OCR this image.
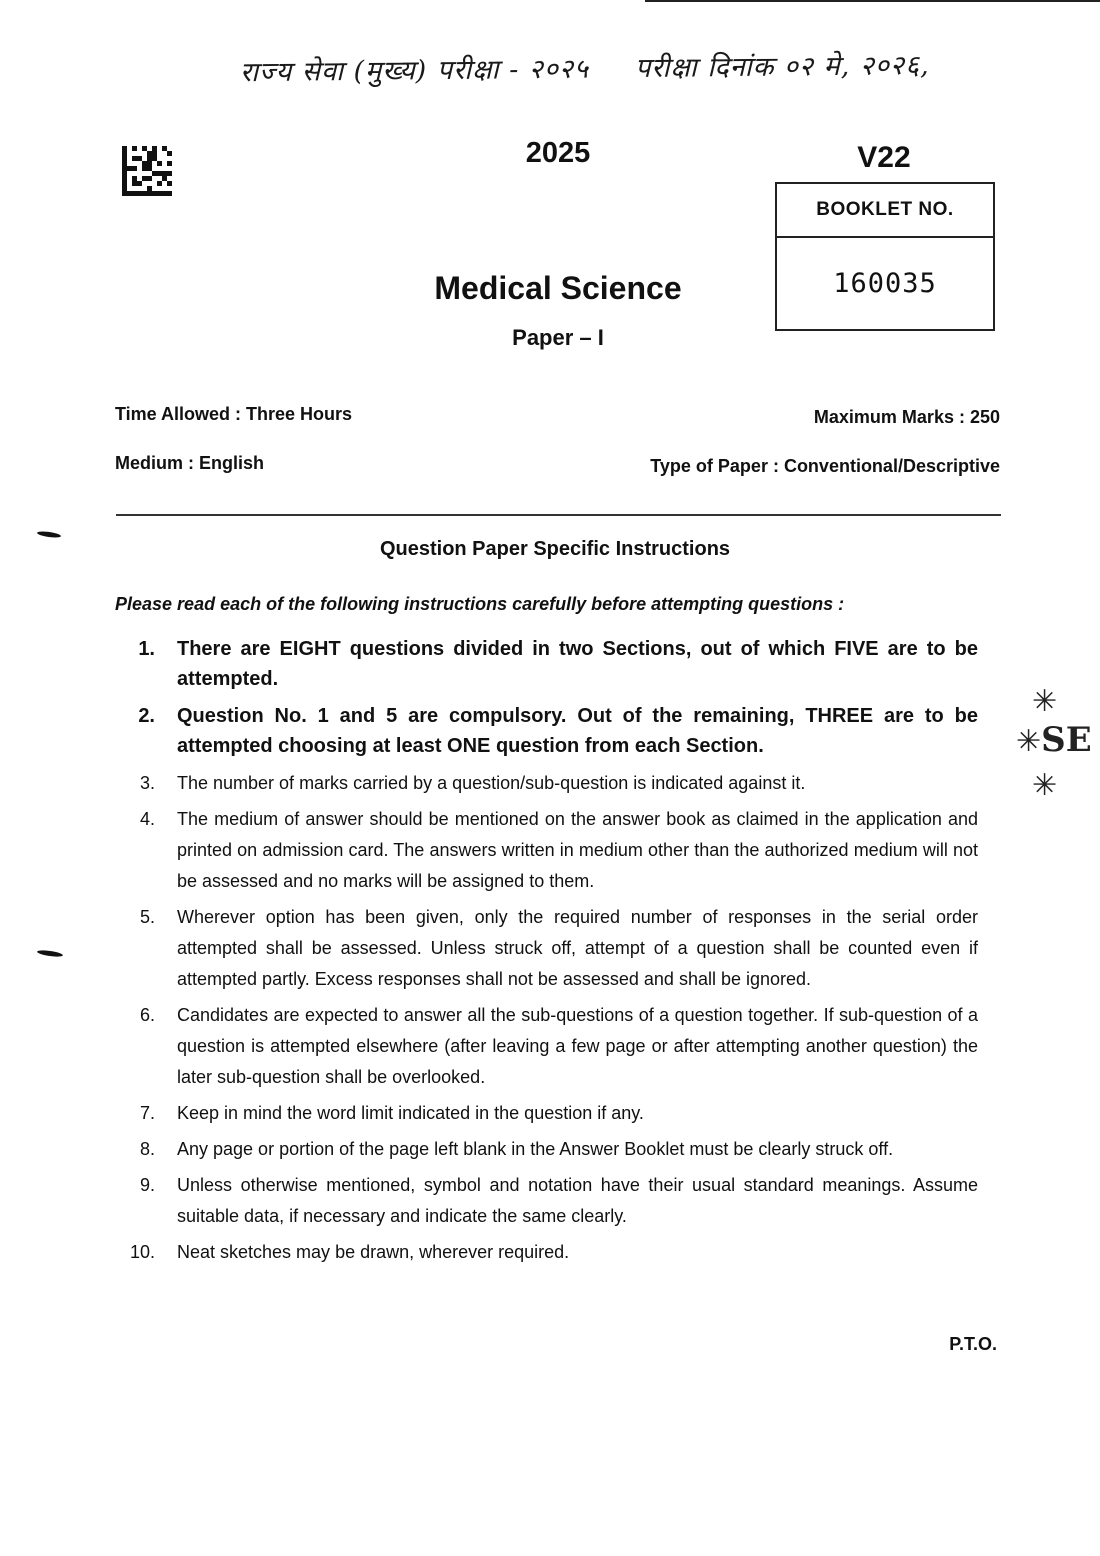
राज्य सेवा (मुख्य) परीक्षा - २०२५ परीक्षा दिनांक ०२ मे, २०२६,
2025	V22
BOOKLET NO.
160035
Medical Science
Paper – I
Time Allowed : Three Hours	Maximum Marks : 250
Medium : English	Type of Paper : Conventional/Descriptive
Question Paper Specific Instructions
Please read each of the following instructions carefully before attempting questions :
1.	There are EIGHT questions divided in two Sections, out of which FIVE are to be attempted.
2.	Question No. 1 and 5 are compulsory. Out of the remaining, THREE are to be attempted choosing at least ONE question from each Section.
3.	The number of marks carried by a question/sub-question is indicated against it.
4.	The medium of answer should be mentioned on the answer book as claimed in the application and printed on admission card. The answers written in medium other than the authorized medium will not be assessed and no marks will be assigned to them.
5.	Wherever option has been given, only the required number of responses in the serial order attempted shall be assessed. Unless struck off, attempt of a question shall be counted even if attempted partly. Excess responses shall not be assessed and shall be ignored.
6.	Candidates are expected to answer all the sub-questions of a question together. If sub-question of a question is attempted elsewhere (after leaving a few page or after attempting another question) the later sub-question shall be overlooked.
7.	Keep in mind the word limit indicated in the question if any.
8.	Any page or portion of the page left blank in the Answer Booklet must be clearly struck off.
9.	Unless otherwise mentioned, symbol and notation have their usual standard meanings. Assume suitable data, if necessary and indicate the same clearly.
10.	Neat sketches may be drawn, wherever required.
P.T.O.
✳
✳SE
✳
